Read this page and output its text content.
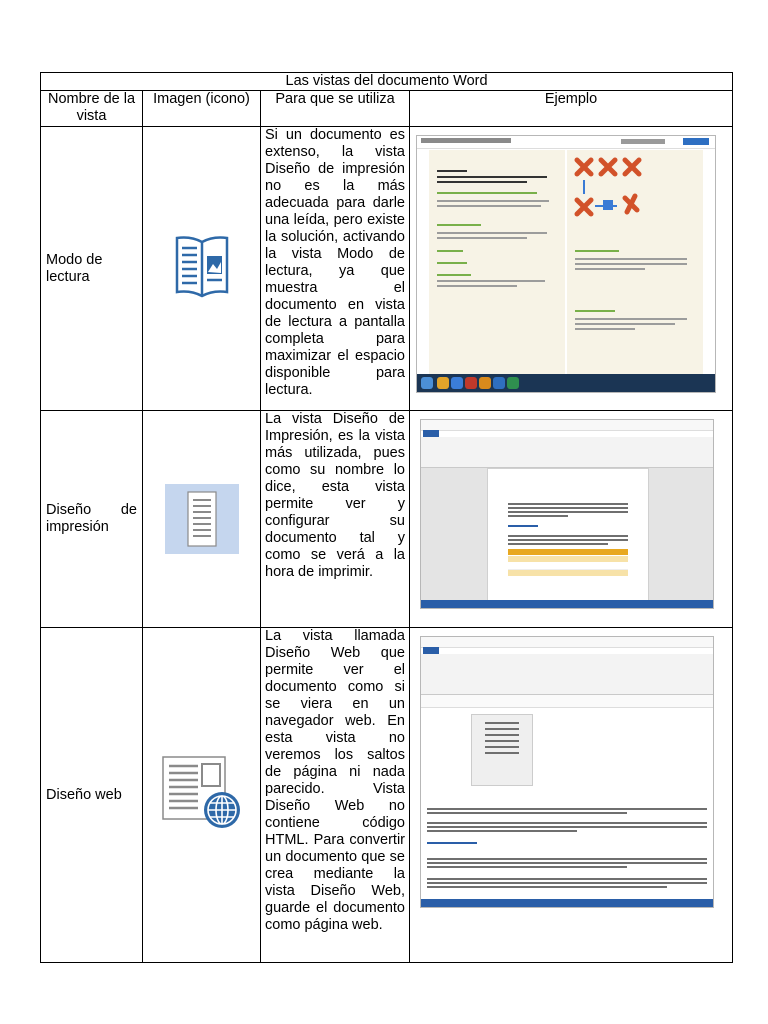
Las vistas del documento Word			
Nombre de la vista	Imagen (icono)	Para que se utiliza	Ejemplo
Modo de lectura		Si un documento es extenso, la vista Diseño de impresión no es la más adecuada para darle una leída, pero existe la solución, activando la vista Modo de lectura, ya que muestra el documento en vista de lectura a pantalla completa para maximizar el espacio disponible para lectura.	

Diseño de impresión		La vista Diseño de Impresión, es la vista más utilizada, pues como su nombre lo dice, esta vista permite ver y configurar su documento tal y como se verá a la hora de imprimir.	

Diseño web		La vista llamada Diseño Web que permite ver el documento como si se viera en un navegador web. En esta vista no veremos los saltos de página ni nada parecido. Vista Diseño Web no contiene código HTML. Para convertir un documento que se crea mediante la vista Diseño Web, guarde el documento como página web.	
